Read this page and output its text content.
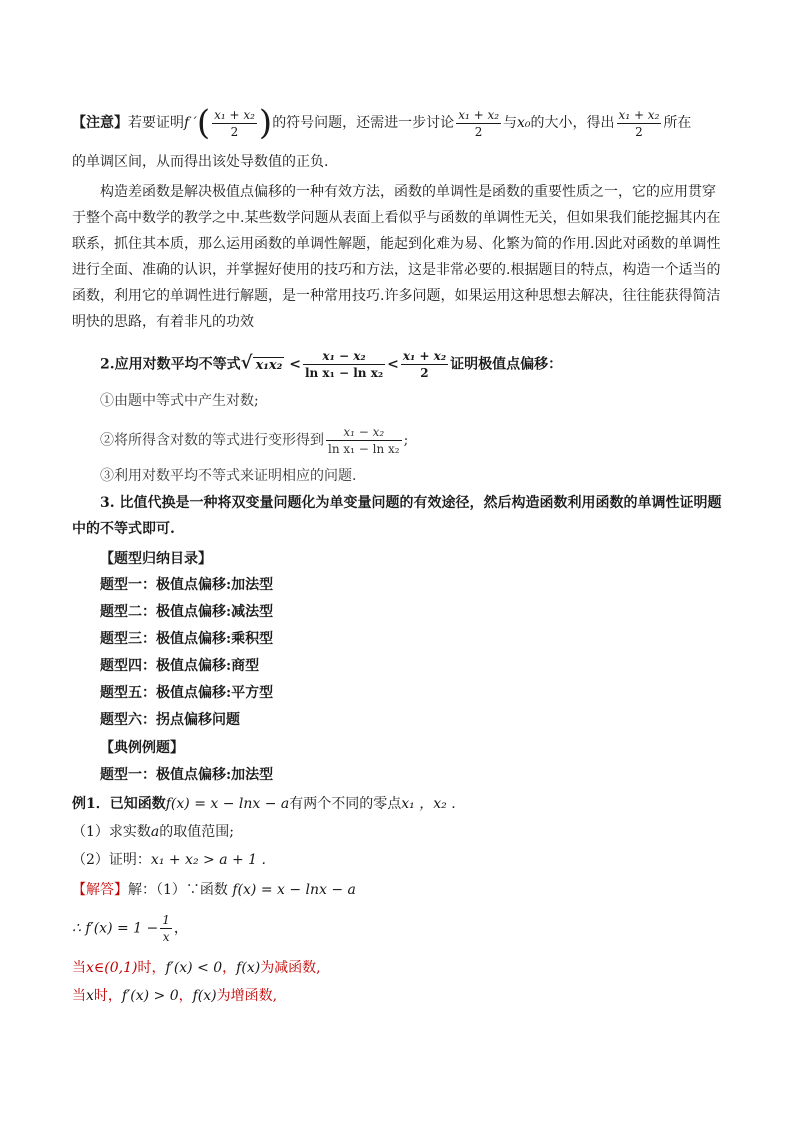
【注意】若要证明f ′( $\frac{\text{x₁ + x₂}}{2}$ )的符号问题，还需进一步讨论 $\frac{\text{x₁ + x₂}}{2}$ 与x₀的大小，得出 $\frac{\text{x₁ + x₂}}{2}$ 所在
的单调区间，从而得出该处导数值的正负.
构造差函数是解决极值点偏移的一种有效方法，函数的单调性是函数的重要性质之一，它的应用贯穿
于整个高中数学的教学之中.某些数学问题从表面上看似乎与函数的单调性无关，但如果我们能挖掘其内在
联系，抓住其本质，那么运用函数的单调性解题，能起到化难为易、化繁为简的作用.因此对函数的单调性
进行全面、准确的认识，并掌握好使用的技巧和方法，这是非常必要的.根据题目的特点，构造一个适当的
函数，利用它的单调性进行解题，是一种常用技巧.许多问题，如果运用这种思想去解决，往往能获得简洁
明快的思路，有着非凡的功效
2.应用对数平均不等式√ $x_1x_2 < \frac{\text{x₁ − x₂}}{\text{ln x₁ − ln x₂}} < \frac{\text{x₁ + x₂}}{2}$ 证明极值点偏移：
①由题中等式中产生对数;
②将所得含对数的等式进行变形得到 $\frac{\text{x₁ − x₂}}{\text{ln x₁ − ln x₂}}$ ;
③利用对数平均不等式来证明相应的问题.
3. 比值代换是一种将双变量问题化为单变量问题的有效途径，然后构造函数利用函数的单调性证明题
中的不等式即可.
【题型归纳目录】
题型一：极值点偏移:加法型
题型二：极值点偏移:减法型
题型三：极值点偏移:乘积型
题型四：极值点偏移:商型
题型五：极值点偏移:平方型
题型六：拐点偏移问题
【典例例题】
题型一：极值点偏移:加法型
例1．已知函数f(x) = x − lnx − a有两个不同的零点x₁ ，x₂ .
（1）求实数a的取值范围;
（2）证明：x₁ + x₂ > a + 1 .
【解答】解：（1）∵函数 f(x) = x − lnx − a
∴ $f'(x) = 1 - \frac{1}{x}$ ，
当x∈(0,1)时，f′(x) < 0，f(x)为减函数,
当x时，f′(x) > 0，f(x)为增函数,
